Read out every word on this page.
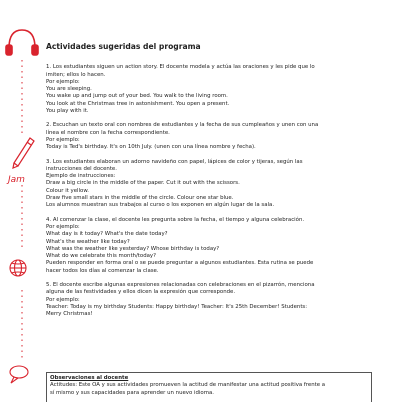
Jam
Actividades sugeridas del programa
1. Los estudiantes siguen un action story. El docente modela y actúa las oraciones y les pide que lo
imiten; ellos lo hacen.
Por ejemplo:
You are sleeping.
You wake up and jump out of your bed. You walk to the living room.
You look at the Christmas tree in astonishment. You open a present.
You play with it.
2. Escuchan un texto oral con nombres de estudiantes y la fecha de sus cumpleaños y unen con una
línea el nombre con la fecha correspondiente.
Por ejemplo:
Today is Ted's birthday. It's on 10th July. (unen con una línea nombre y fecha).
3. Los estudiantes elaboran un adorno navideño con papel, lápices de color y tijeras, según las
instrucciones del docente.
Ejemplo de instrucciones:
Draw a big circle in the middle of the paper. Cut it out with the scissors.
Colour it yellow.
Draw five small stars in the middle of the circle. Colour one star blue.
Los alumnos muestran sus trabajos al curso o los exponen en algún lugar de la sala.
4. Al comenzar la clase, el docente les pregunta sobre la fecha, el tiempo y alguna celebración.
Por ejemplo:
What day is it today? What's the date today?
What's the weather like today?
What was the weather like yesterday? Whose birthday is today?
What do we celebrate this month/today?
Pueden responder en forma oral o se puede preguntar a algunos estudiantes. Esta rutina se puede
hacer todos los días al comenzar la clase.
5. El docente escribe algunas expresiones relacionadas con celebraciones en el pizarrón, menciona
alguna de las festividades y ellos dicen la expresión que corresponde.
Por ejemplo:
Teacher: Today is my birthday Students: Happy birthday! Teacher: It's 25th December! Students:
Merry Christmas!
Observaciones al docente
Actitudes: Este OA y sus actividades promueven la actitud de manifestar una actitud positiva frente a
sí mismo y sus capacidades para aprender un nuevo idioma.
